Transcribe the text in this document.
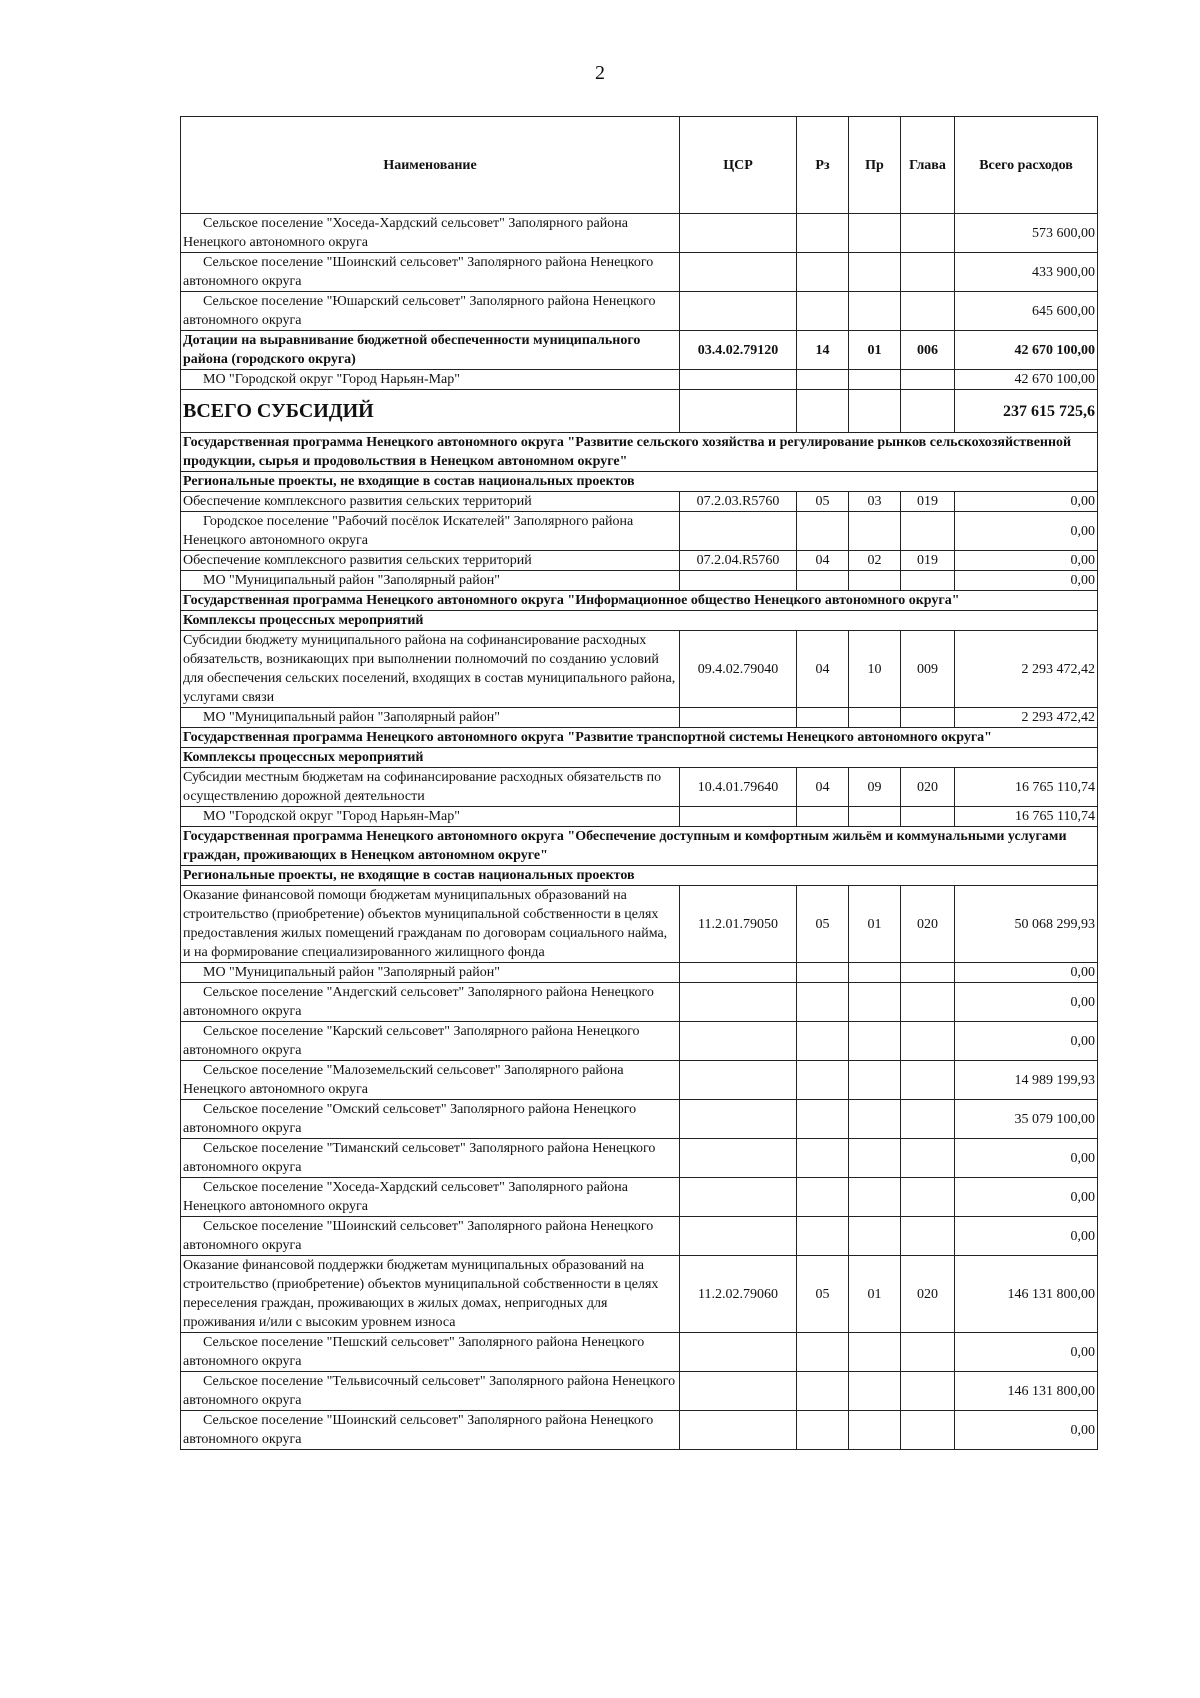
2
Наименование	ЦСР	Рз	Пр	Глава	Всего расходов
Сельское поселение "Хоседа-Хардский сельсовет" Заполярного района Ненецкого автономного округа					573 600,00
Сельское поселение "Шоинский сельсовет" Заполярного района Ненецкого автономного округа					433 900,00
Сельское поселение "Юшарский сельсовет" Заполярного района Ненецкого автономного округа					645 600,00
Дотации на выравнивание бюджетной обеспеченности муниципального района (городского округа)	03.4.02.79120	14	01	006	42 670 100,00
МО "Городской округ "Город Нарьян-Мар"					42 670 100,00
ВСЕГО СУБСИДИЙ					237 615 725,6
Государственная программа Ненецкого автономного округа "Развитие сельского хозяйства и регулирование рынков сельскохозяйственной продукции, сырья и продовольствия в Ненецком автономном округе"					
Региональные проекты, не входящие в состав национальных проектов					
Обеспечение комплексного развития сельских территорий	07.2.03.R5760	05	03	019	0,00
Городское поселение "Рабочий посёлок Искателей" Заполярного района Ненецкого автономного округа					0,00
Обеспечение комплексного развития сельских территорий	07.2.04.R5760	04	02	019	0,00
МО "Муниципальный район "Заполярный район"					0,00
Государственная программа Ненецкого автономного округа "Информационное общество Ненецкого автономного округа"					
Комплексы процессных мероприятий					
Субсидии бюджету муниципального района на софинансирование расходных обязательств, возникающих при выполнении полномочий по созданию условий для обеспечения сельских поселений, входящих в состав муниципального района, услугами связи	09.4.02.79040	04	10	009	2 293 472,42
МО "Муниципальный район "Заполярный район"					2 293 472,42
Государственная программа Ненецкого автономного округа "Развитие транспортной системы Ненецкого автономного округа"					
Комплексы процессных мероприятий					
Субсидии местным бюджетам на софинансирование расходных обязательств по осуществлению дорожной деятельности	10.4.01.79640	04	09	020	16 765 110,74
МО "Городской округ "Город Нарьян-Мар"					16 765 110,74
Государственная программа Ненецкого автономного округа "Обеспечение доступным и комфортным жильём и коммунальными услугами граждан, проживающих в Ненецком автономном округе"					
Региональные проекты, не входящие в состав национальных проектов					
Оказание финансовой помощи бюджетам муниципальных образований на строительство (приобретение) объектов муниципальной собственности в целях предоставления жилых помещений гражданам по договорам социального найма, и на формирование специализированного жилищного фонда	11.2.01.79050	05	01	020	50 068 299,93
МО "Муниципальный район "Заполярный район"					0,00
Сельское поселение "Андегский сельсовет" Заполярного района Ненецкого автономного округа					0,00
Сельское поселение "Карский сельсовет" Заполярного района Ненецкого автономного округа					0,00
Сельское поселение "Малоземельский сельсовет" Заполярного района Ненецкого автономного округа					14 989 199,93
Сельское поселение "Омский сельсовет" Заполярного района Ненецкого автономного округа					35 079 100,00
Сельское поселение "Тиманский сельсовет" Заполярного района Ненецкого автономного округа					0,00
Сельское поселение "Хоседа-Хардский сельсовет" Заполярного района Ненецкого автономного округа					0,00
Сельское поселение "Шоинский сельсовет" Заполярного района Ненецкого автономного округа					0,00
Оказание финансовой поддержки бюджетам муниципальных образований на строительство (приобретение) объектов муниципальной собственности в целях переселения граждан, проживающих в жилых домах, непригодных для проживания и/или с высоким уровнем износа	11.2.02.79060	05	01	020	146 131 800,00
Сельское поселение "Пешский сельсовет" Заполярного района Ненецкого автономного округа					0,00
Сельское поселение "Тельвисочный сельсовет" Заполярного района Ненецкого автономного округа					146 131 800,00
Сельское поселение "Шоинский сельсовет" Заполярного района Ненецкого автономного округа					0,00
